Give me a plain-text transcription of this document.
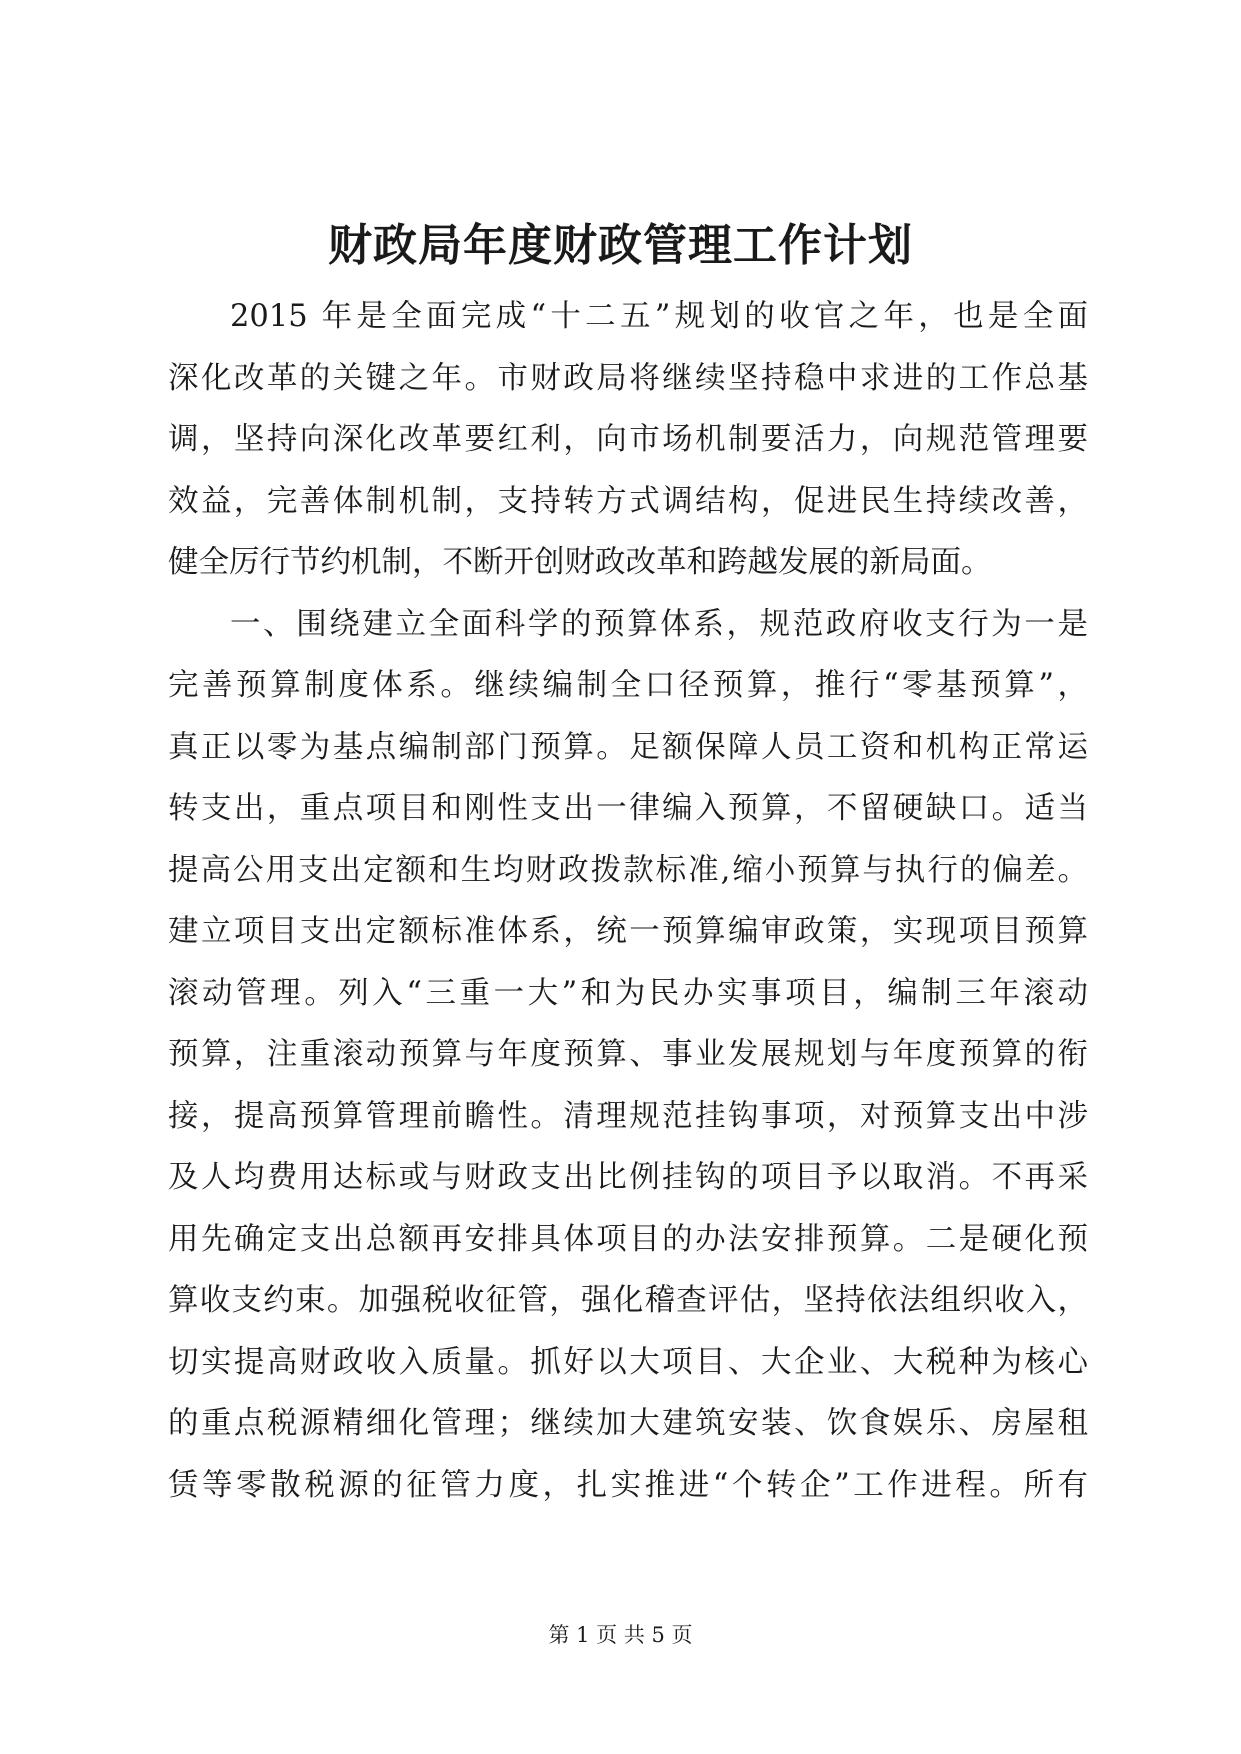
财政局年度财政管理工作计划
2015 年是全面完成“十二五”规划的收官之年，也是全面
深化改革的关键之年。市财政局将继续坚持稳中求进的工作总基
调，坚持向深化改革要红利，向市场机制要活力，向规范管理要
效益，完善体制机制，支持转方式调结构，促进民生持续改善，
健全厉行节约机制，不断开创财政改革和跨越发展的新局面。
一、围绕建立全面科学的预算体系，规范政府收支行为一是
完善预算制度体系。继续编制全口径预算，推行“零基预算”，
真正以零为基点编制部门预算。足额保障人员工资和机构正常运
转支出，重点项目和刚性支出一律编入预算，不留硬缺口。适当
提高公用支出定额和生均财政拨款标准,缩小预算与执行的偏差。
建立项目支出定额标准体系，统一预算编审政策，实现项目预算
滚动管理。列入“三重一大”和为民办实事项目，编制三年滚动
预算，注重滚动预算与年度预算、事业发展规划与年度预算的衔
接，提高预算管理前瞻性。清理规范挂钩事项，对预算支出中涉
及人均费用达标或与财政支出比例挂钩的项目予以取消。不再采
用先确定支出总额再安排具体项目的办法安排预算。二是硬化预
算收支约束。加强税收征管，强化稽查评估，坚持依法组织收入，
切实提高财政收入质量。抓好以大项目、大企业、大税种为核心
的重点税源精细化管理；继续加大建筑安装、饮食娱乐、房屋租
赁等零散税源的征管力度，扎实推进“个转企”工作进程。所有
第 1 页 共 5 页
